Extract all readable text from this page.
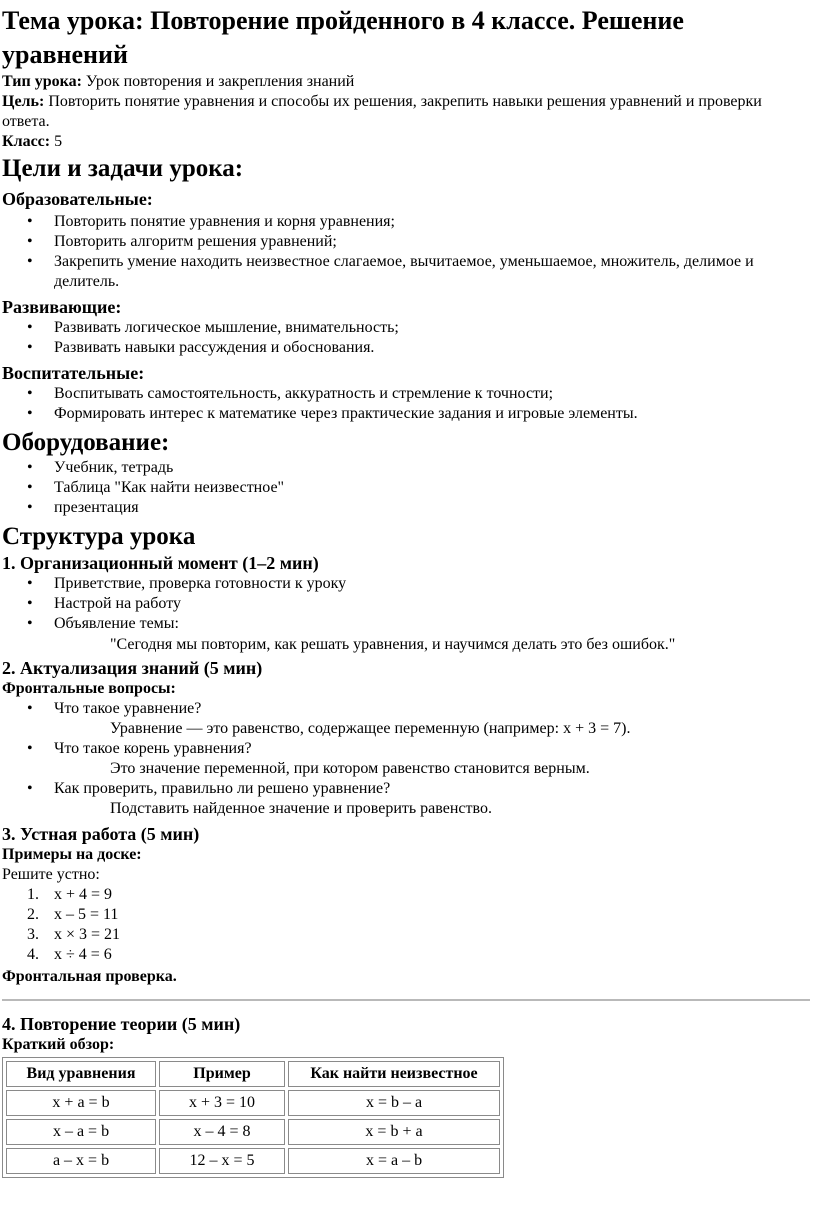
Тема урока: Повторение пройденного в 4 классе. Решение уравнений

Тип урока: Урок повторения и закрепления знаний

Цель: Повторить понятие уравнения и способы их решения, закрепить навыки решения уравнений и проверки ответа.

Класс: 5

Цели и задачи урока:
Образовательные:
• Повторить понятие уравнения и корня уравнения;
• Повторить алгоритм решения уравнений;
• Закрепить умение находить неизвестное слагаемое, вычитаемое, уменьшаемое, множитель, делимое и делитель.
Развивающие:
• Развивать логическое мышление, внимательность;
• Развивать навыки рассуждения и обоснования.
Воспитательные:
• Воспитывать самостоятельность, аккуратность и стремление к точности;
• Формировать интерес к математике через практические задания и игровые элементы.
Оборудование:
• Учебник, тетрадь
• Таблица "Как найти неизвестное"
• презентация
Структура урока
1. Организационный момент (1–2 мин)
• Приветствие, проверка готовности к уроку
• Настрой на работу
• Объявление темы:

"Сегодня мы повторим, как решать уравнения, и научимся делать это без ошибок."

2. Актуализация знаний (5 мин)
Фронтальные вопросы:
• Что такое уравнение?

Уравнение — это равенство, содержащее переменную (например: x + 3 = 7).

• Что такое корень уравнения?

Это значение переменной, при котором равенство становится верным.

• Как проверить, правильно ли решено уравнение?

Подставить найденное значение и проверить равенство.

3. Устная работа (5 мин)
Примеры на доске:

Решите устно:

x + 4 = 9
x – 5 = 11
x × 3 = 21
x ÷ 4 = 6
Фронтальная проверка.
4. Повторение теории (5 мин)
Краткий обзор:
Вид уравнения	Пример	Как найти неизвестное
x + a = b	x + 3 = 10	x = b – a
x – a = b	x – 4 = 8	x = b + a
a – x = b	12 – x = 5	x = a – b
